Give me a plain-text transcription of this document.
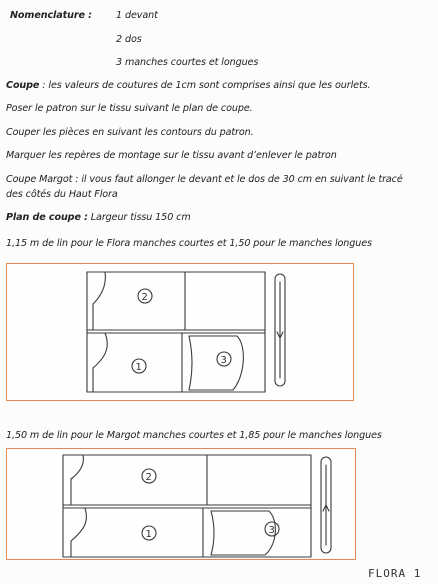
Nomenclature :	1 devant
2 dos
3 manches courtes et longues
Coupe : les valeurs de coutures de 1cm sont comprises ainsi que les ourlets.
Poser le patron sur le tissu suivant le plan de coupe.
Couper les pièces en suivant les contours du patron.
Marquer les repères de montage sur le tissu avant d’enlever le patron
Coupe Margot : il vous faut allonger le devant et le dos de 30 cm en suivant le tracé des côtés du Haut Flora
Plan de coupe : Largeur tissu 150 cm
1,15 m de lin pour le Flora manches courtes et 1,50 pour le manches longues
2
1
3
1,50 m de lin pour le Margot manches courtes et 1,85 pour le manches longues
2
1	3
FLORA 1
